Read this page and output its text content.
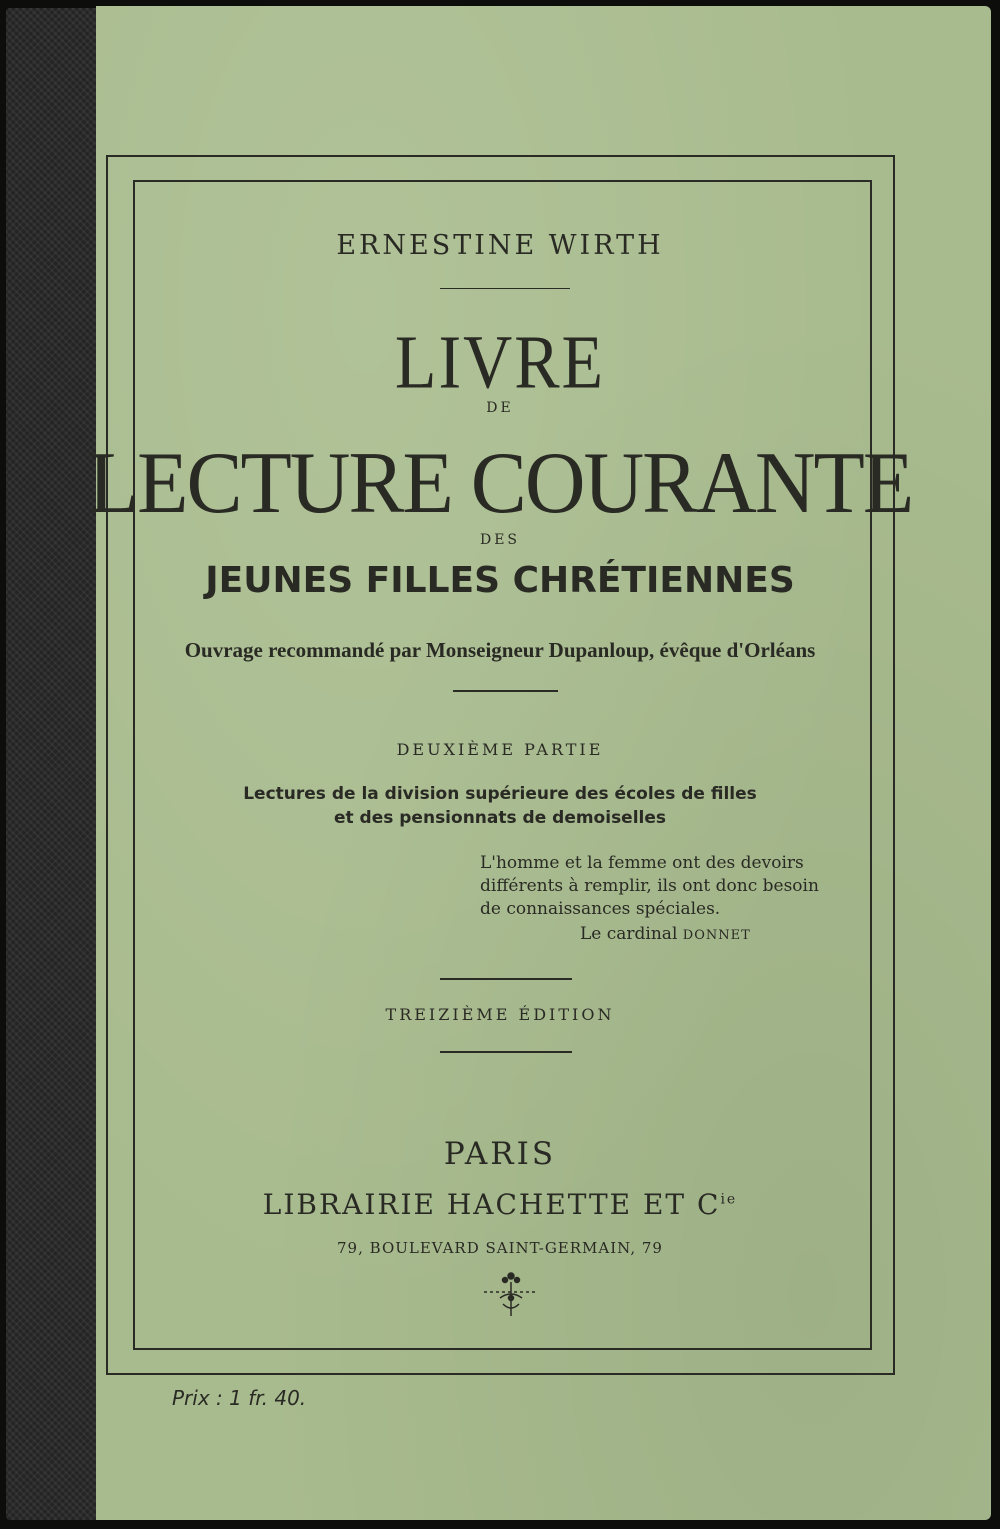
ERNESTINE WIRTH
LIVRE
DE
LECTURE COURANTE
DES
JEUNES FILLES CHRÉTIENNES
Ouvrage recommandé par Monseigneur Dupanloup, évêque d'Orléans
DEUXIÈME PARTIE
Lectures de la division supérieure des écoles de filles
et des pensionnats de demoiselles
L'homme et la femme ont des devoirs
différents à remplir, ils ont donc besoin
de connaissances spéciales.
Le cardinal DONNET
TREIZIÈME ÉDITION
PARIS
LIBRAIRIE HACHETTE ET $C^{ie}$
79, BOULEVARD SAINT-GERMAIN, 79
Prix : 1 fr. 40.
